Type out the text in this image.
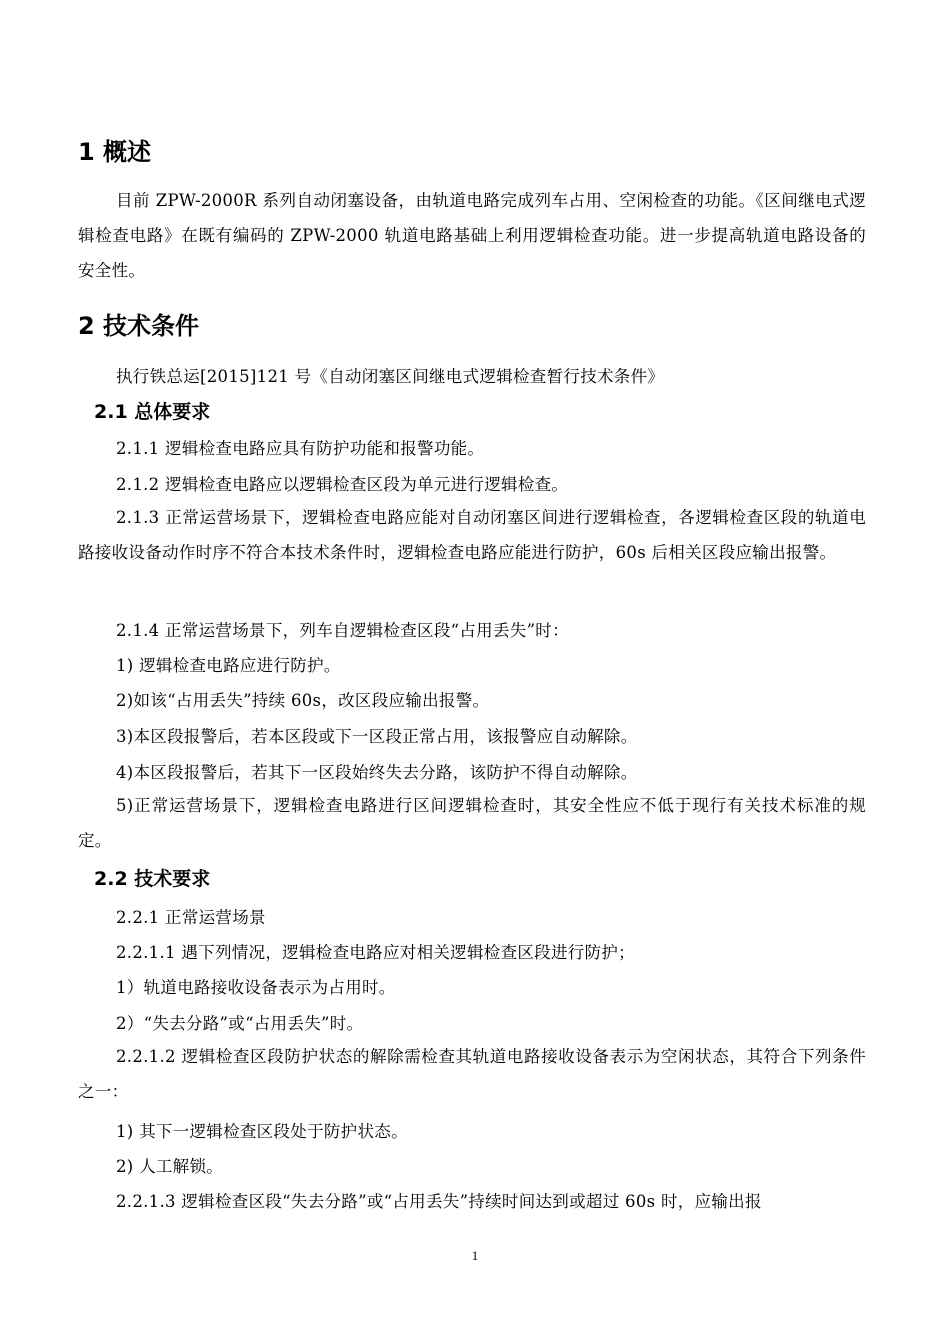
1 概述
目前 ZPW-2000R 系列自动闭塞设备，由轨道电路完成列车占用、空闲检查的功能。《区间继电式逻辑检查电路》在既有编码的 ZPW-2000 轨道电路基础上利用逻辑检查功能。进一步提高轨道电路设备的安全性。
2 技术条件
执行铁总运[2015]121 号《自动闭塞区间继电式逻辑检查暂行技术条件》
2.1 总体要求
2.1.1 逻辑检查电路应具有防护功能和报警功能。
2.1.2 逻辑检查电路应以逻辑检查区段为单元进行逻辑检查。
2.1.3 正常运营场景下，逻辑检查电路应能对自动闭塞区间进行逻辑检查，各逻辑检查区段的轨道电路接收设备动作时序不符合本技术条件时，逻辑检查电路应能进行防护，60s 后相关区段应输出报警。
2.1.4 正常运营场景下，列车自逻辑检查区段“占用丢失”时：
1) 逻辑检查电路应进行防护。
2)如该“占用丢失”持续 60s，改区段应输出报警。
3)本区段报警后，若本区段或下一区段正常占用，该报警应自动解除。
4)本区段报警后，若其下一区段始终失去分路，该防护不得自动解除。
5)正常运营场景下，逻辑检查电路进行区间逻辑检查时，其安全性应不低于现行有关技术标准的规定。
2.2 技术要求
2.2.1 正常运营场景
2.2.1.1 遇下列情况，逻辑检查电路应对相关逻辑检查区段进行防护；
1）轨道电路接收设备表示为占用时。
2）“失去分路”或“占用丢失”时。
2.2.1.2 逻辑检查区段防护状态的解除需检查其轨道电路接收设备表示为空闲状态，其符合下列条件之一：
1) 其下一逻辑检查区段处于防护状态。
2) 人工解锁。
2.2.1.3 逻辑检查区段“失去分路”或“占用丢失”持续时间达到或超过 60s 时，应输出报
1
